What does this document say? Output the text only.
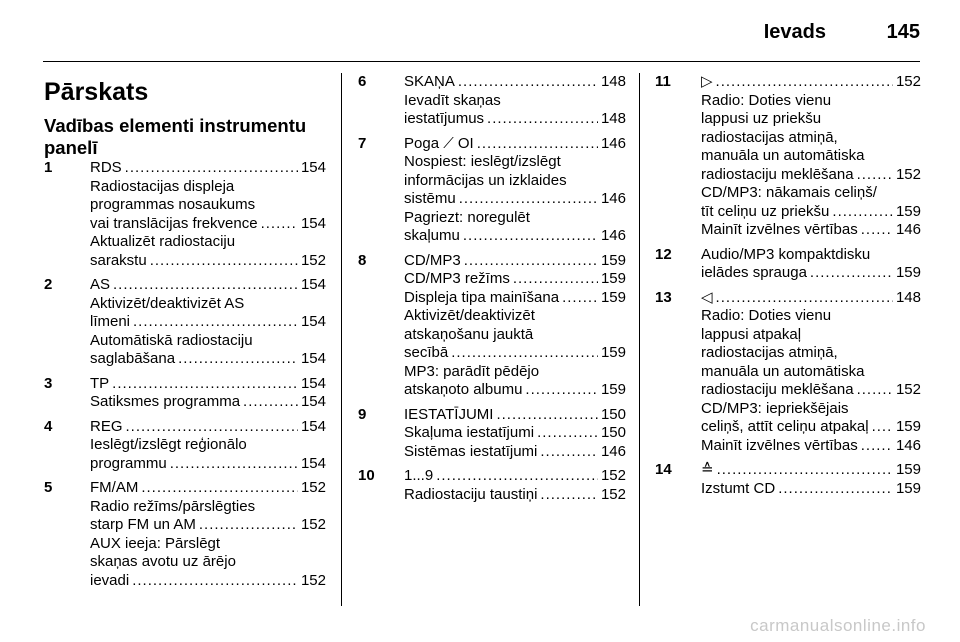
Ievads	145
Pārskats
Vadības elementi instrumentu panelī
1	RDS .....	154
Radiostacijas displeja
programmas nosaukums
vai translācijas frekvence .....	154
Aktualizēt radiostaciju
sarakstu .....	152
2	AS .....	154
Aktivizēt/deaktivizēt AS
līmeni .....	154
Automātiskā radiostaciju
saglabāšana .....	154
3	TP .....	154
Satiksmes programma .....	154
4	REG .....	154
Ieslēgt/izslēgt reģionālo
programmu .....	154
5	FM/AM .....	152
Radio režīms/pārslēgties
starp FM un AM .....	152
AUX ieeja: Pārslēgt
skaņas avotu uz ārējo
ievadi .....	152
6	SKAŅA .....	148
Ievadīt skaņas
iestatījumus .....	148
7	Poga ⟋ OI .....	146
Nospiest: ieslēgt/izslēgt
informācijas un izklaides
sistēmu .....	146
Pagriezt: noregulēt
skaļumu .....	146
8	CD/MP3 .....	159
CD/MP3 režīms .....	159
Displeja tipa mainīšana .....	159
Aktivizēt/deaktivizēt
atskaņošanu jauktā
secībā .....	159
MP3: parādīt pēdējo
atskaņoto albumu .....	159
9	IESTATĪJUMI .....	150
Skaļuma iestatījumi .....	150
Sistēmas iestatījumi .....	146
10 1...9 .....	152
Radiostaciju taustiņi .....	152
11 ▷ .....	152
Radio: Doties vienu
lappusi uz priekšu
radiostacijas atmiņā,
manuāla un automātiska
radiostaciju meklēšana .....	152
CD/MP3: nākamais celiņš/
tīt celiņu uz priekšu .....	159
Mainīt izvēlnes vērtības .....	146
12 Audio/MP3 kompaktdisku
ielādes sprauga .....	159
13 ◁ .....	148
Radio: Doties vienu
lappusi atpakaļ
radiostacijas atmiņā,
manuāla un automātiska
radiostaciju meklēšana .....	152
CD/MP3: iepriekšējais
celiņš, attīt celiņu atpakaļ ..... 159
Mainīt izvēlnes vērtības .....	146
14 ≙ .....	159
Izstumt CD .....	159
carmanualsonline.info
